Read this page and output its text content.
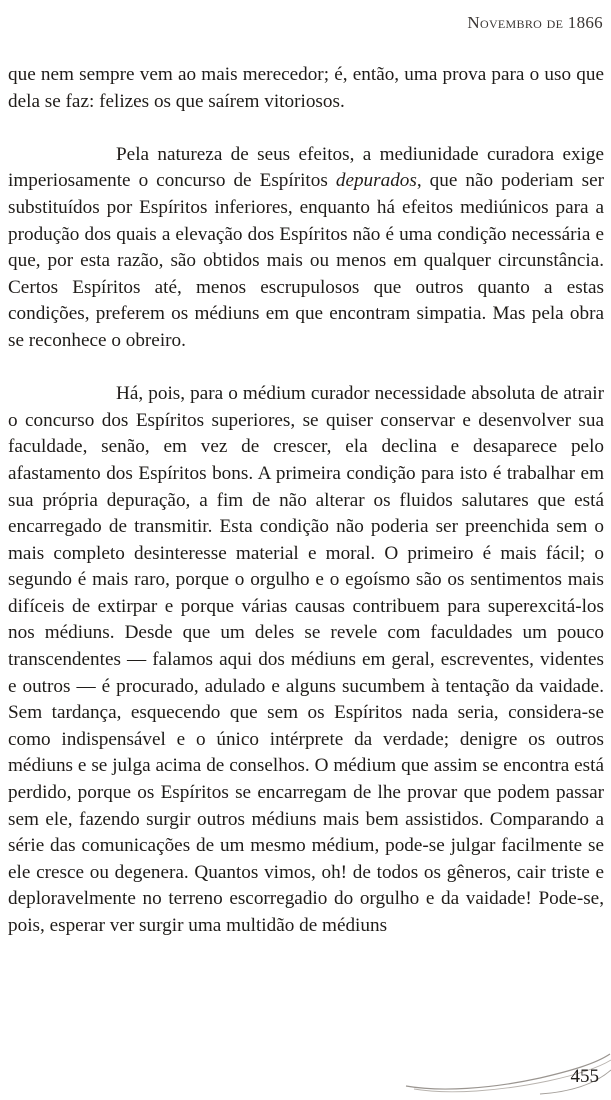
Novembro de 1866

que nem sempre vem ao mais merecedor; é, então, uma prova para o uso que dela se faz: felizes os que saírem vitoriosos.

Pela natureza de seus efeitos, a mediunidade curadora exige imperiosamente o concurso de Espíritos depurados, que não poderiam ser substituídos por Espíritos inferiores, enquanto há efeitos mediúnicos para a produção dos quais a elevação dos Espíritos não é uma condição necessária e que, por esta razão, são obtidos mais ou menos em qualquer circunstância. Certos Espíritos até, menos escrupulosos que outros quanto a estas condições, preferem os médiuns em que encontram simpatia. Mas pela obra se reconhece o obreiro.

Há, pois, para o médium curador necessidade absoluta de atrair o concurso dos Espíritos superiores, se quiser conservar e desenvolver sua faculdade, senão, em vez de crescer, ela declina e desaparece pelo afastamento dos Espíritos bons. A primeira condição para isto é trabalhar em sua própria depuração, a fim de não alterar os fluidos salutares que está encarregado de transmitir. Esta condição não poderia ser preenchida sem o mais completo desinteresse material e moral. O primeiro é mais fácil; o segundo é mais raro, porque o orgulho e o egoísmo são os sentimentos mais difíceis de extirpar e porque várias causas contribuem para superexcitá-los nos médiuns. Desde que um deles se revele com faculdades um pouco transcendentes — falamos aqui dos médiuns em geral, escreventes, videntes e outros — é procurado, adulado e alguns sucumbem à tentação da vaidade. Sem tardança, esquecendo que sem os Espíritos nada seria, considera-se como indispensável e o único intérprete da verdade; denigre os outros médiuns e se julga acima de conselhos. O médium que assim se encontra está perdido, porque os Espíritos se encarregam de lhe provar que podem passar sem ele, fazendo surgir outros médiuns mais bem assistidos. Comparando a série das comunicações de um mesmo médium, pode-se julgar facilmente se ele cresce ou degenera. Quantos vimos, oh! de todos os gêneros, cair triste e deploravelmente no terreno escorregadio do orgulho e da vaidade! Pode-se, pois, esperar ver surgir uma multidão de médiuns

455
